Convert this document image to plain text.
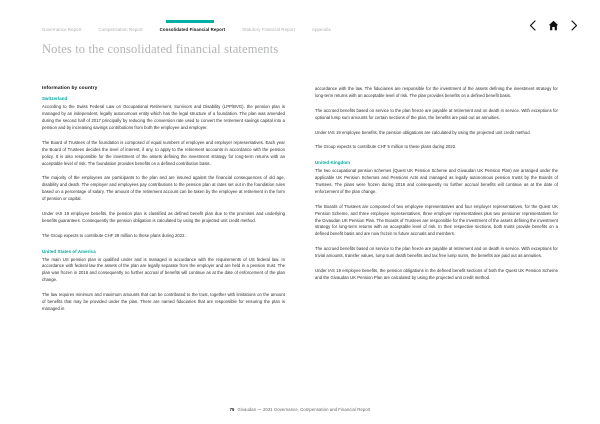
Governance Report	Compensation Report	Consolidated Financial Report	Statutory Financial Report	Appendix
Notes to the consolidated financial statements
Information by country
Switzerland

According to the Swiss Federal Law on Occupational Retirement, Survivors and Disability (LPP/BVG), the pension plan is managed by an independent, legally autonomous entity which has the legal structure of a foundation. The plan was amended during the second half of 2017 principally by reducing the conversion rate used to convert the retirement savings capital into a pension and by increasing savings contributions from both the employee and employer.

The Board of Trustees of the foundation is composed of equal numbers of employee and employer representatives. Each year the Board of Trustees decides the level of interest, if any, to apply to the retirement accounts in accordance with the pension policy. It is also responsible for the investment of the assets defining the investment strategy for long-term returns with an acceptable level of risk. The foundation provides benefits on a defined contribution basis.

The majority of the employees are participants to the plan and are insured against the financial consequences of old age, disability and death. The employer and employees pay contributions to the pension plan at rates set out in the foundation rules based on a percentage of salary. The amount of the retirement account can be taken by the employee at retirement in the form of pension or capital.

Under IAS 19 employee benefits, the pension plan is classified as defined benefit plan due to the promises and underlying benefits guarantees. Consequently the pension obligation is calculated by using the projected unit credit method.

The Group expects to contribute CHF 28 million to these plans during 2022.

United States of America

The main US pension plan is qualified under and is managed in accordance with the requirements of US federal law. In accordance with federal law the assets of the plan are legally separate from the employer and are held in a pension trust. The plan was frozen in 2016 and consequently no further accrual of benefits will continue as at the date of enforcement of the plan change.

The law requires minimum and maximum amounts that can be contributed to the trust, together with limitations on the amount of benefits that may be provided under the plan. There are named fiduciaries that are responsible for ensuring the plan is managed in

accordance with the law. The fiduciaries are responsible for the investment of the assets defining the investment strategy for long-term returns with an acceptable level of risk. The plan provides benefits on a defined benefit basis.

The accrued benefits based on service to the plan freeze are payable at retirement and on death in service. With exceptions for optional lump sum amounts for certain sections of the plan, the benefits are paid out as annuities.

Under IAS 19 employee benefits, the pension obligations are calculated by using the projected unit credit method.

The Group expects to contribute CHF 5 million to these plans during 2022.

United Kingdom

The two occupational pension schemes (Quest UK Pension Scheme and Givaudan UK Pension Plan) are arranged under the applicable UK Pension Schemes and Pensions Acts and managed as legally autonomous pension trusts by the Boards of Trustees. The plans were frozen during 2016 and consequently no further accrual benefits will continue as at the date of enforcement of the plan change.

The Boards of Trustees are composed of two employee representatives and four employer representatives, for the Quest UK Pension Scheme, and three employee representatives, three employer representatives plus two pensioner representatives for the Givaudan UK Pension Plan. The Boards of Trustees are responsible for the investment of the assets defining the investment strategy for long-term returns with an acceptable level of risk. In their respective sections, both trusts provide benefits on a defined benefit basis and are now frozen to future accruals and members.

The accrued benefits based on service to the plan freeze are payable at retirement and on death in service. With exceptions for trivial amounts, transfer values, lump sum death benefits and tax free lump sums, the benefits are paid out as annuities.

Under IAS 19 employee benefits, the pension obligations in the defined benefit sections of both the Quest UK Pension Scheme and the Givaudan UK Pension Plan are calculated by using the projected unit credit method.

75 Givaudan — 2021 Governance, Compensation and Financial Report
